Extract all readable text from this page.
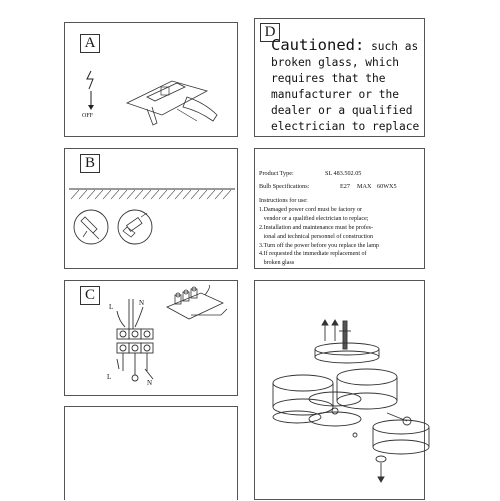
A
OFF
D
Cautioned: such as
broken glass, which
requires that the
manufacturer or the
dealer or a qualified
electrician to replace
B
Product Type:	SL 483.502.05
Bulb Specifications:	E27 MAX 60WX5
Instructions for use:
1.Damaged power cord must be factory or
vendor or a qualified electrician to replace;
2.Installation and maintenance must be profes-
ional and technical personnel of construction
3.Turn off the power before you replace the lamp
4.If requested the immediate replacement of
broken glass
C
L	N
L
N
